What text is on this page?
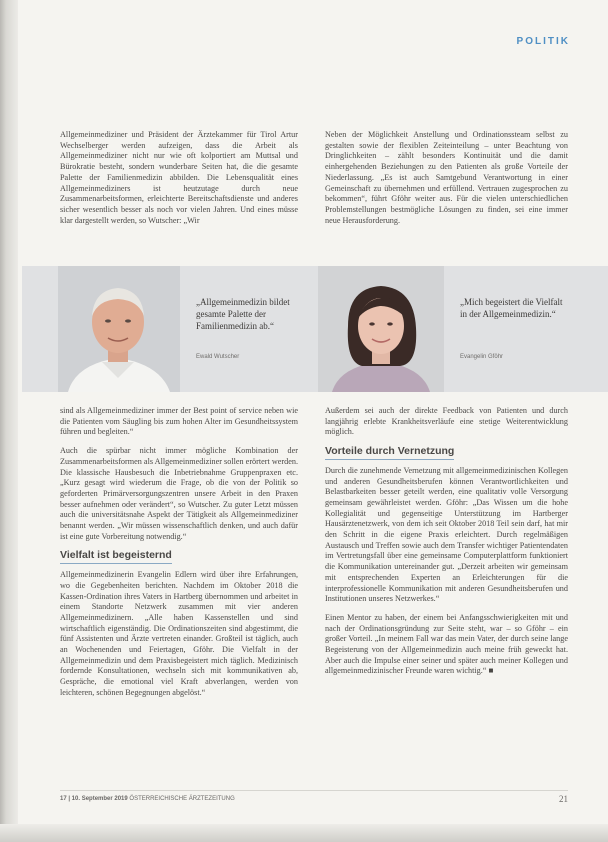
POLITIK

Allgemeinmediziner und Präsident der Ärztekammer für Tirol Artur Wechselberger werden aufzeigen, dass die Arbeit als Allgemeinmediziner nicht nur wie oft kolportiert am Muttsal und Bürokratie besteht, sondern wunderbare Seiten hat, die die gesamte Palette der Familienmedizin abbilden. Die Lebensqualität eines Allgemeinmediziners ist heutzutage durch neue Zusammenarbeitsformen, erleichterte Bereitschaftsdienste und anderes sicher wesentlich besser als noch vor vielen Jahren. Und eines müsse klar dargestellt werden, so Wutscher: „Wir

Neben der Möglichkeit Anstellung und Ordinationssteam selbst zu gestalten sowie der flexiblen Zeiteinteilung – unter Beachtung von Dringlichkeiten – zählt besonders Kontinuität und die damit einhergehenden Beziehungen zu den Patienten als große Vorteile der Niederlassung. „Es ist auch Samtgebund Verantwortung in einer Gemeinschaft zu übernehmen und erfüllend. Vertrauen zugesprochen zu bekommen“, führt Gföhr weiter aus. Für die vielen unterschiedlichen Problemstellungen bestmögliche Lösungen zu finden, sei eine immer neue Herausforderung.

„Allgemeinmedizin bildet gesamte Palette der Familienmedizin ab.“
Ewald Wutscher
„Mich begeistert die Vielfalt in der Allgemeinmedizin.“
Evangelin Gföhr

sind als Allgemeinmediziner immer der Best point of service neben wie die Patienten vom Säugling bis zum hohen Alter im Gesundheitssystem führen und begleiten.“

Auch die spürbar nicht immer mögliche Kombination der Zusammenarbeitsformen als Allgemeinmediziner sollen erörtert werden. Die klassische Hausbesuch die Inbetriebnahme Gruppenpraxen etc. „Kurz gesagt wird wiederum die Frage, ob die von der Politik so geforderten Primärversorgungszentren unsere Arbeit in den Praxen besser aufnehmen oder verändert“, so Wutscher. Zu guter Letzt müssen auch die universitätsnahe Aspekt der Tätigkeit als Allgemeinmediziner benannt werden. „Wir müssen wissenschaftlich denken, und auch dafür ist eine gute Vorbereitung notwendig.“

Vielfalt ist begeisternd

Allgemeinmedizinerin Evangelin Edlern wird über ihre Erfahrungen, wo die Gegebenheiten berichten. Nachdem im Oktober 2018 die Kassen-Ordination ihres Vaters in Hartberg übernommen und arbeitet in einem Standorte Netzwerk zusammen mit vier anderen Allgemeinmedizinern. „Alle haben Kassenstellen und sind wirtschaftlich eigenständig. Die Ordinationszeiten sind abgestimmt, die fünf Assistenten und Ärzte vertreten einander. Großteil ist täglich, auch an Wochenenden und Feiertagen, Gföhr. Die Vielfalt in der Allgemeinmedizin und dem Praxisbegeistert mich täglich. Medizinisch fordernde Konsultationen, wechseln sich mit kommunikativen ab, Gespräche, die emotional viel Kraft abverlangen, werden von leichteren, schönen Begegnungen abgelöst.“

Außerdem sei auch der direkte Feedback von Patienten und durch langjährig erlebte Krankheitsverläufe eine stetige Weiterentwicklung möglich.

Vorteile durch Vernetzung

Durch die zunehmende Vernetzung mit allgemeinmedizinischen Kollegen und anderen Gesundheitsberufen können Verantwortlichkeiten und Belastbarkeiten besser geteilt werden, eine qualitativ volle Versorgung gemeinsam gewährleistet werden. Gföhr: „Das Wissen um die hohe Kollegialität und gegenseitige Unterstützung im Hartberger Hausärztenetzwerk, von dem ich seit Oktober 2018 Teil sein darf, hat mir den Schritt in die eigene Praxis erleichtert. Durch regelmäßigen Austausch und Treffen sowie auch dem Transfer wichtiger Patientendaten im Vertretungsfall über eine gemeinsame Computerplattform funktioniert die Kommunikation untereinander gut. „Derzeit arbeiten wir gemeinsam mit entsprechenden Experten an Erleichterungen für die interprofessionelle Kommunikation mit anderen Gesundheitsberufen und Institutionen unseres Netzwerkes.“

Einen Mentor zu haben, der einem bei Anfangsschwierigkeiten mit und nach der Ordinationsgründung zur Seite steht, war – so Gföhr – ein großer Vorteil. „In meinem Fall war das mein Vater, der durch seine lange Begeisterung von der Allgemeinmedizin auch meine früh geweckt hat. Aber auch die Impulse einer seiner und später auch meiner Kollegen und allgemeinmedizinischer Freunde waren wichtig.“ ■

17 | 10. September 2019 ÖSTERREICHISCHE ÄRZTEZEITUNG	21
